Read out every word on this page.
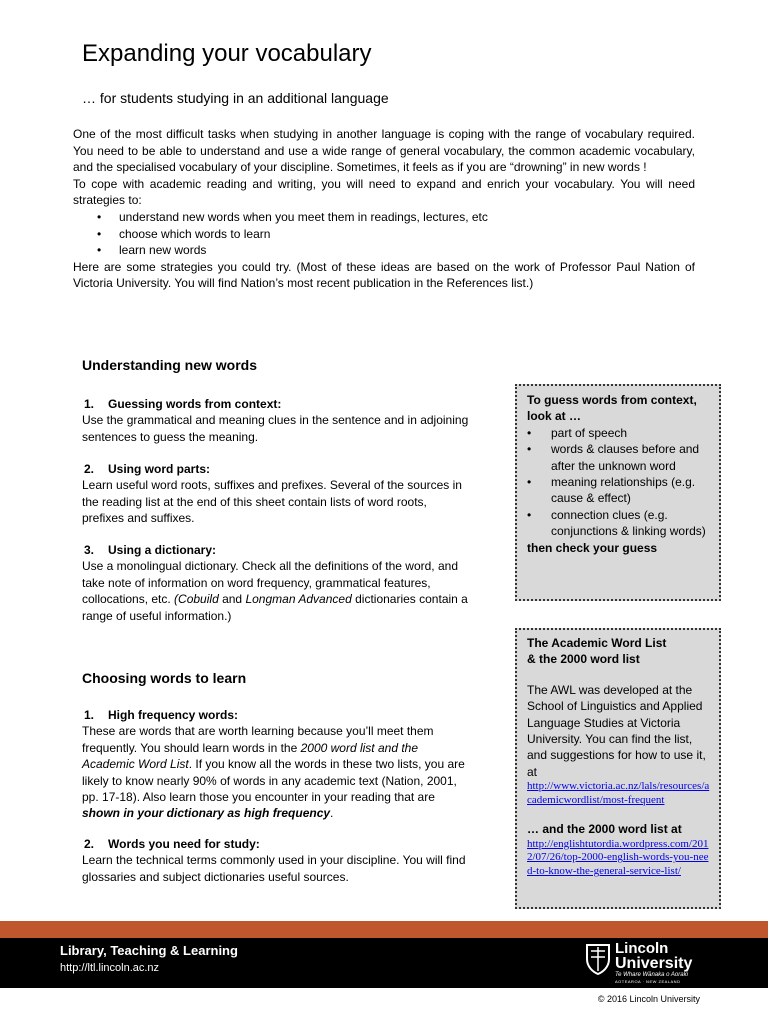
Expanding your vocabulary
… for students studying in an additional language

One of the most difficult tasks when studying in another language is coping with the range of vocabulary required. You need to be able to understand and use a wide range of general vocabulary, the common academic vocabulary, and the specialised vocabulary of your discipline. Sometimes, it feels as if you are “drowning” in new words !

To cope with academic reading and writing, you will need to expand and enrich your vocabulary. You will need strategies to:

• understand new words when you meet them in readings, lectures, etc
• choose which words to learn
• learn new words

Here are some strategies you could try. (Most of these ideas are based on the work of Professor Paul Nation of Victoria University. You will find Nation’s most recent publication in the References list.)

Understanding new words

1. Guessing words from context:

Use the grammatical and meaning clues in the sentence and in adjoining sentences to guess the meaning.

2. Using word parts:

Learn useful word roots, suffixes and prefixes. Several of the sources in the reading list at the end of this sheet contain lists of word roots, prefixes and suffixes.

3. Using a dictionary:

Use a monolingual dictionary. Check all the definitions of the word, and take note of information on word frequency, grammatical features, collocations, etc. (Cobuild and Longman Advanced dictionaries contain a range of useful information.)

Choosing words to learn

1. High frequency words:

These are words that are worth learning because you’ll meet them frequently. You should learn words in the 2000 word list and the Academic Word List. If you know all the words in these two lists, you are likely to know nearly 90% of words in any academic text (Nation, 2001, pp. 17-18). Also learn those you encounter in your reading that are shown in your dictionary as high frequency.

2. Words you need for study:

Learn the technical terms commonly used in your discipline. You will find glossaries and subject dictionaries useful sources.

To guess words from context, look at …

• part of speech
• words & clauses before and after the unknown word
• meaning relationships (e.g. cause & effect)
• connection clues (e.g. conjunctions & linking words)

then check your guess

The Academic Word List

& the 2000 word list

The AWL was developed at the School of Linguistics and Applied Language Studies at Victoria University. You can find the list, and suggestions for how to use it, at

http://www.victoria.ac.nz/lals/resources/academicwordlist/most-frequent

… and the 2000 word list at

http://englishtutordia.wordpress.com/2012/07/26/top-2000-english-words-you-need-to-know-the-general-service-list/
Library, Teaching & Learning
http://ltl.lincoln.ac.nz
Lincoln
University
Te Whare Wānaka o Aoraki
AOTEAROA · NEW ZEALAND
© 2016 Lincoln University
